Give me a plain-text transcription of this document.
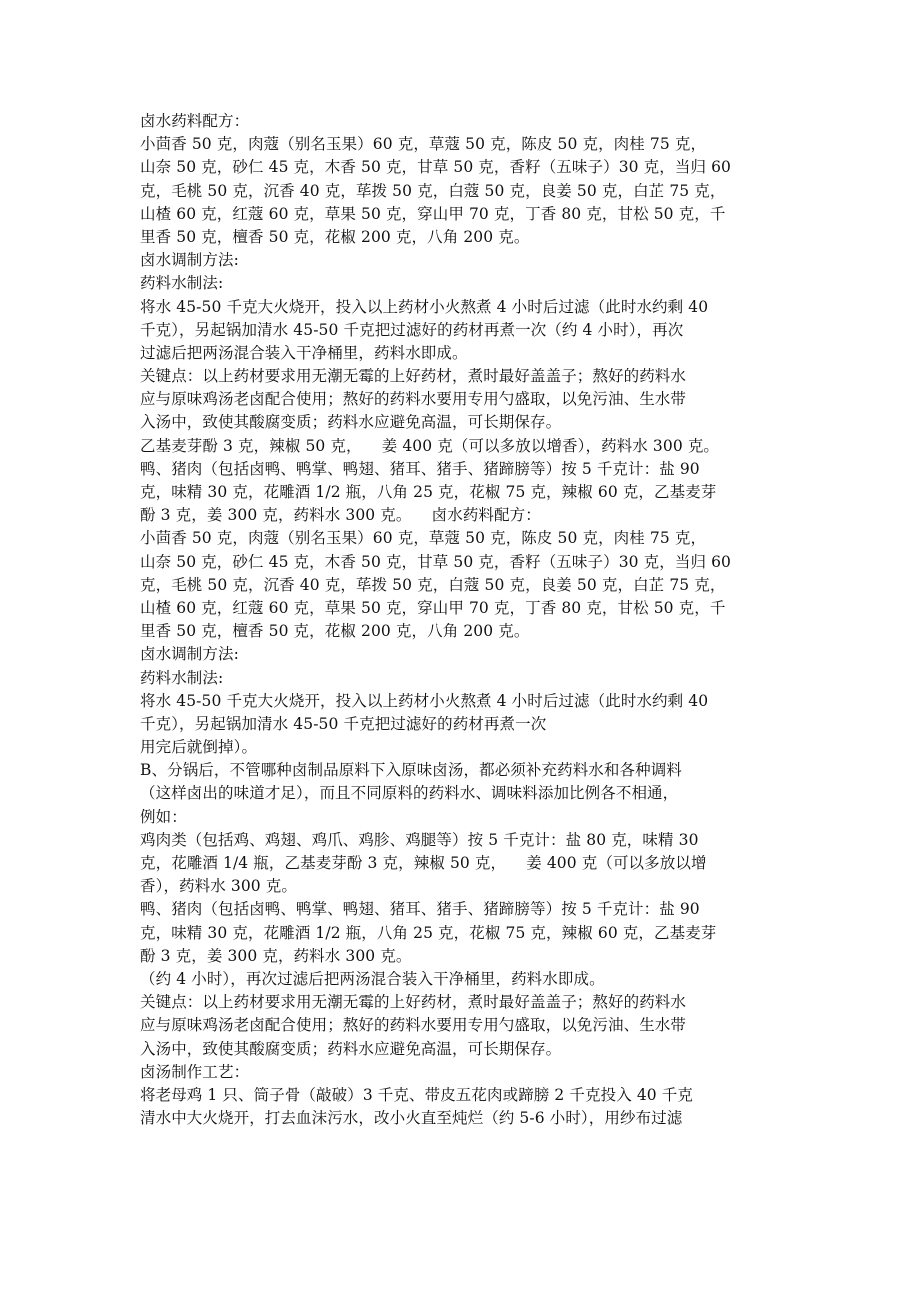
卤水药料配方：
小茴香 50 克，肉蔻（别名玉果）60 克，草蔻 50 克，陈皮 50 克，肉桂 75 克，
山奈 50 克，砂仁 45 克，木香 50 克，甘草 50 克，香籽（五味子）30 克，当归 60
克，毛桃 50 克，沉香 40 克，荜拨 50 克，白蔻 50 克，良姜 50 克，白芷 75 克，
山楂 60 克，红蔻 60 克，草果 50 克，穿山甲 70 克，丁香 80 克，甘松 50 克，千
里香 50 克，檀香 50 克，花椒 200 克，八角 200 克。
卤水调制方法:
药料水制法:
将水 45-50 千克大火烧开，投入以上药材小火熬煮 4 小时后过滤（此时水约剩 40
千克），另起锅加清水 45-50 千克把过滤好的药材再煮一次（约 4 小时），再次
过滤后把两汤混合装入干净桶里，药料水即成。
关键点：以上药材要求用无潮无霉的上好药材，煮时最好盖盖子；熬好的药料水
应与原味鸡汤老卤配合使用；熬好的药料水要用专用勺盛取，以免污油、生水带
入汤中，致使其酸腐变质；药料水应避免高温，可长期保存。
乙基麦芽酚 3 克，辣椒 50 克，    姜 400 克（可以多放以增香），药料水 300 克。
鸭、猪肉（包括卤鸭、鸭掌、鸭翅、猪耳、猪手、猪蹄膀等）按 5 千克计：盐 90
克，味精 30 克，花雕酒 1/2 瓶，八角 25 克，花椒 75 克，辣椒 60 克，乙基麦芽
酚 3 克，姜 300 克，药料水 300 克。    卤水药料配方：
小茴香 50 克，肉蔻（别名玉果）60 克，草蔻 50 克，陈皮 50 克，肉桂 75 克，
山奈 50 克，砂仁 45 克，木香 50 克，甘草 50 克，香籽（五味子）30 克，当归 60
克，毛桃 50 克，沉香 40 克，荜拨 50 克，白蔻 50 克，良姜 50 克，白芷 75 克，
山楂 60 克，红蔻 60 克，草果 50 克，穿山甲 70 克，丁香 80 克，甘松 50 克，千
里香 50 克，檀香 50 克，花椒 200 克，八角 200 克。
卤水调制方法:
药料水制法:
将水 45-50 千克大火烧开，投入以上药材小火熬煮 4 小时后过滤（此时水约剩 40
千克），另起锅加清水 45-50 千克把过滤好的药材再煮一次
用完后就倒掉）。
B、分锅后，不管哪种卤制品原料下入原味卤汤，都必须补充药料水和各种调料
（这样卤出的味道才足），而且不同原料的药料水、调味料添加比例各不相通，
例如：
鸡肉类（包括鸡、鸡翅、鸡爪、鸡胗、鸡腿等）按 5 千克计：盐 80 克，味精 30
克，花雕酒 1/4 瓶，乙基麦芽酚 3 克，辣椒 50 克，    姜 400 克（可以多放以增
香），药料水 300 克。
鸭、猪肉（包括卤鸭、鸭掌、鸭翅、猪耳、猪手、猪蹄膀等）按 5 千克计：盐 90
克，味精 30 克，花雕酒 1/2 瓶，八角 25 克，花椒 75 克，辣椒 60 克，乙基麦芽
酚 3 克，姜 300 克，药料水 300 克。
（约 4 小时），再次过滤后把两汤混合装入干净桶里，药料水即成。
关键点：以上药材要求用无潮无霉的上好药材，煮时最好盖盖子；熬好的药料水
应与原味鸡汤老卤配合使用；熬好的药料水要用专用勺盛取，以免污油、生水带
入汤中，致使其酸腐变质；药料水应避免高温，可长期保存。
卤汤制作工艺：
将老母鸡 1 只、筒子骨（敲破）3 千克、带皮五花肉或蹄膀 2 千克投入 40 千克
清水中大火烧开，打去血沫污水，改小火直至炖烂（约 5-6 小时），用纱布过滤
